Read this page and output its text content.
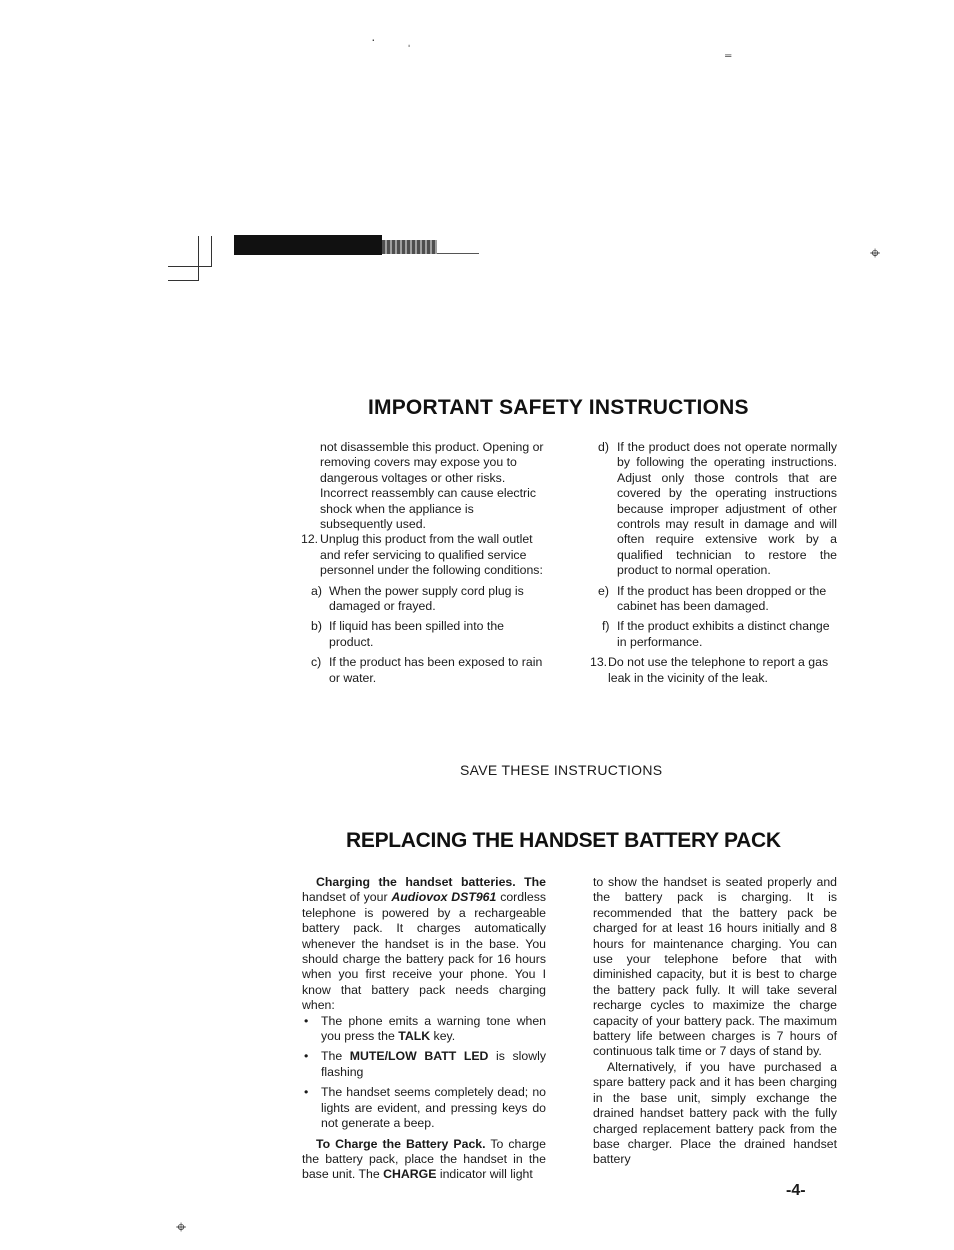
·        ˌ
⁼
⌖
⌖
IMPORTANT SAFETY INSTRUCTIONS

not disassemble this product. Opening or removing covers may expose you to dangerous voltages or other risks. Incorrect reassembly can cause electric shock when the appliance is subsequently used.

12. Unplug this product from the wall outlet and refer servicing to qualified service personnel under the following conditions:
a) When the power supply cord plug is damaged or frayed.
b) If liquid has been spilled into the product.
c) If the product has been exposed to rain or water.
d) If the product does not operate normally by following the operating instructions. Adjust only those controls that are covered by the operating instructions because improper adjustment of other controls may result in damage and will often require extensive work by a qualified technician to restore the product to normal operation.
e) If the product has been dropped or the cabinet has been damaged.
f) If the product exhibits a distinct change in performance.
13. Do not use the telephone to report a gas leak in the vicinity of the leak.
SAVE THESE INSTRUCTIONS
REPLACING THE HANDSET BATTERY PACK

Charging the handset batteries. The handset of your Audiovox DST961 cordless telephone is powered by a rechargeable battery pack. It charges automatically whenever the handset is in the base. You should charge the battery pack for 16 hours when you first receive your phone. You I know that battery pack needs charging when:

• The phone emits a warning tone when you press the TALK key.
• The MUTE/LOW BATT LED is slowly flashing
• The handset seems completely dead; no lights are evident, and pressing keys do not generate a beep.

To Charge the Battery Pack. To charge the battery pack, place the handset in the base unit. The CHARGE indicator will light

to show the handset is seated properly and the battery pack is charging. It is recommended that the battery pack be charged for at least 16 hours initially and 8 hours for maintenance charging. You can use your telephone before that with diminished capacity, but it is best to charge the battery pack fully. It will take several recharge cycles to maximize the charge capacity of your battery pack. The maximum battery life between charges is 7 hours of continuous talk time or 7 days of stand by.

Alternatively, if you have purchased a spare battery pack and it has been charging in the base unit, simply exchange the drained handset battery pack with the fully charged replacement battery pack from the base charger. Place the drained handset battery

-4-
